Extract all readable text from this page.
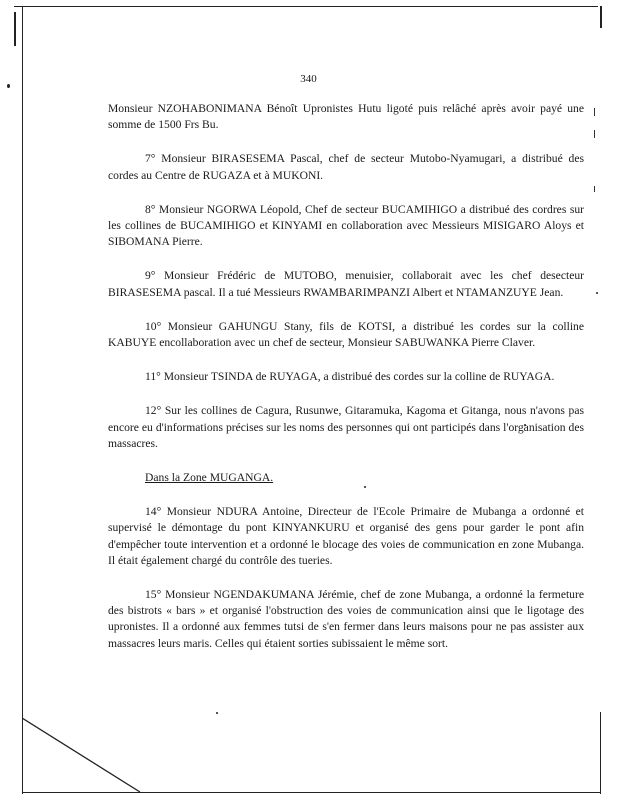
340

Monsieur NZOHABONIMANA Bénoît Upronistes Hutu ligoté puis relâché après avoir payé une somme de 1500 Frs Bu.

7° Monsieur BIRASESEMA Pascal, chef de secteur Mutobo-Nyamugari, a distribué des cordes au Centre de RUGAZA et à MUKONI.

8° Monsieur NGORWA Léopold, Chef de secteur BUCAMIHIGO a distribué des cordres sur les collines de BUCAMIHIGO et KINYAMI en collaboration avec Messieurs MISIGARO Aloys et SIBOMANA Pierre.

9° Monsieur Frédéric de MUTOBO, menuisier, collaborait avec les chef desecteur BIRASESEMA pascal. Il a tué Messieurs RWAMBARIMPANZI Albert et NTAMANZUYE Jean.

10° Monsieur GAHUNGU Stany, fils de KOTSI, a distribué les cordes sur la colline KABUYE encollaboration avec un chef de secteur, Monsieur SABUWANKA Pierre Claver.

11° Monsieur TSINDA de RUYAGA, a distribué des cordes sur la colline de RUYAGA.

12° Sur les collines de Cagura, Rusunwe, Gitaramuka, Kagoma et Gitanga, nous n'avons pas encore eu d'informations précises sur les noms des personnes qui ont participés dans l'organisation des massacres.

Dans la Zone MUGANGA.

14° Monsieur NDURA Antoine, Directeur de l'Ecole Primaire de Mubanga a ordonné et supervisé le démontage du pont KINYANKURU et organisé des gens pour garder le pont afin d'empêcher toute intervention et a ordonné le blocage des voies de communication en zone Mubanga. Il était également chargé du contrôle des tueries.

15° Monsieur NGENDAKUMANA Jérémie, chef de zone Mubanga, a ordonné la fermeture des bistrots « bars » et organisé l'obstruction des voies de communication ainsi que le ligotage des upronistes. Il a ordonné aux femmes tutsi de s'en fermer dans leurs maisons pour ne pas assister aux massacres leurs maris. Celles qui étaient sorties subissaient le même sort.
